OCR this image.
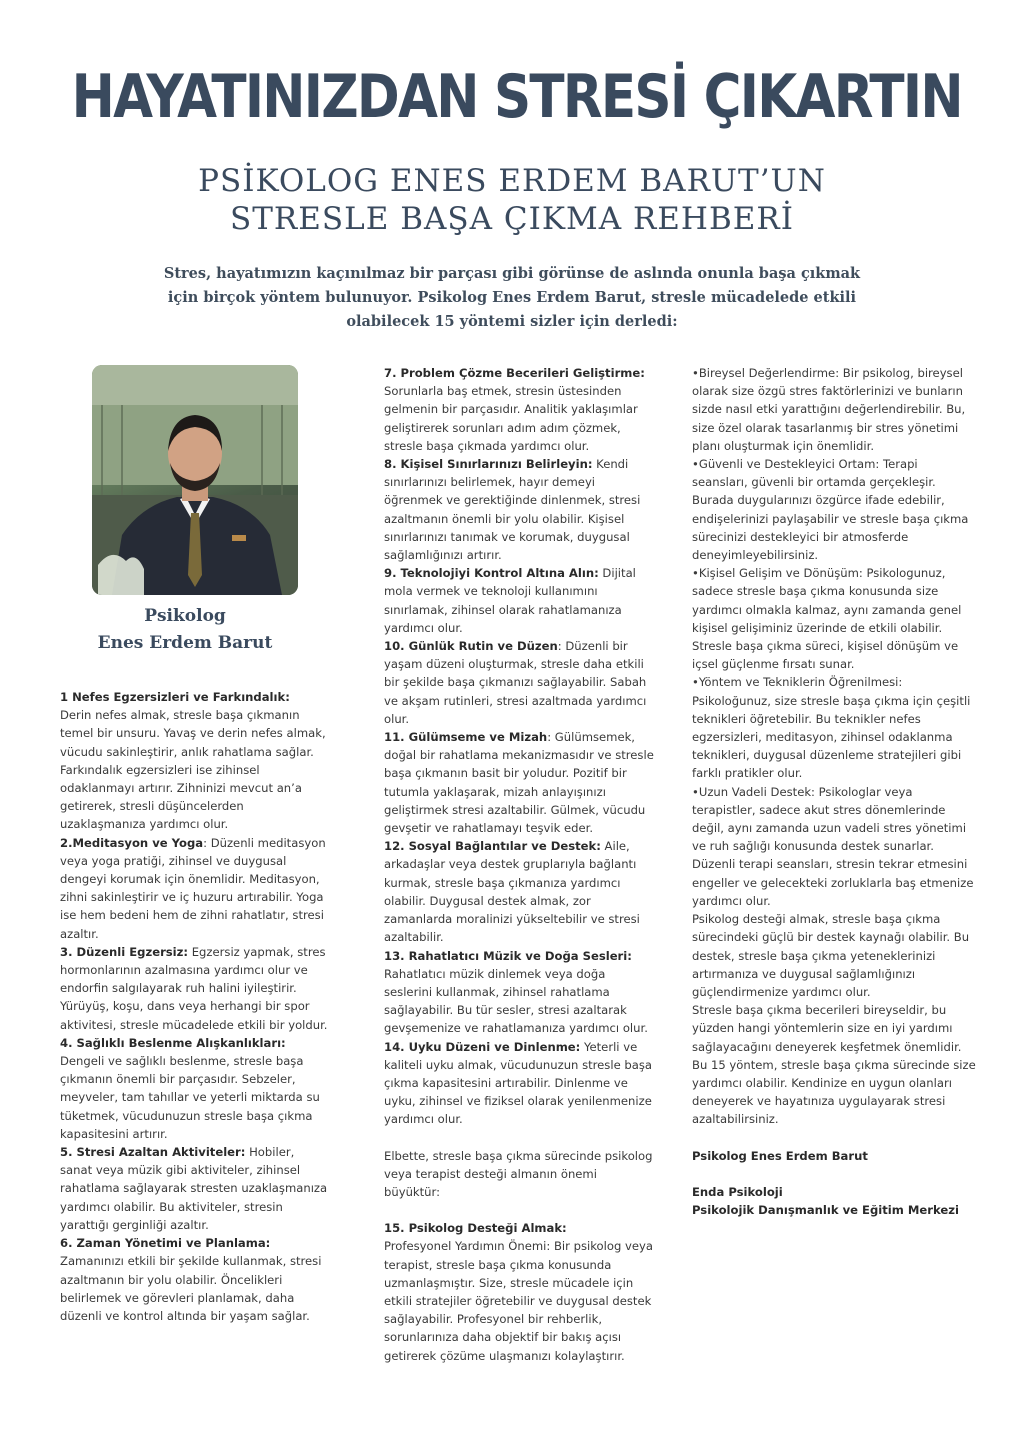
HAYATINIZDAN STRESİ ÇIKARTIN
PSİKOLOG ENES ERDEM BARUT’UN
STRESLE BAŞA ÇIKMA REHBERİ
Stres, hayatımızın kaçınılmaz bir parçası gibi görünse de aslında onunla başa çıkmak
için birçok yöntem bulunuyor. Psikolog Enes Erdem Barut, stresle mücadelede etkili
olabilecek 15 yöntemi sizler için derledi:
Psikolog
Enes Erdem Barut

1 Nefes Egzersizleri ve Farkındalık:
Derin nefes almak, stresle başa çıkmanın temel bir unsuru. Yavaş ve derin nefes almak, vücudu sakinleştirir, anlık rahatlama sağlar. Farkındalık egzersizleri ise zihinsel odaklanmayı artırır. Zihninizi mevcut an’a getirerek, stresli düşüncelerden uzaklaşmanıza yardımcı olur.

2.Meditasyon ve Yoga: Düzenli meditasyon veya yoga pratiği, zihinsel ve duygusal dengeyi korumak için önemlidir. Meditasyon, zihni sakinleştirir ve iç huzuru artırabilir. Yoga ise hem bedeni hem de zihni rahatlatır, stresi azaltır.

3. Düzenli Egzersiz: Egzersiz yapmak, stres hormonlarının azalmasına yardımcı olur ve endorfin salgılayarak ruh halini iyileştirir. Yürüyüş, koşu, dans veya herhangi bir spor aktivitesi, stresle mücadelede etkili bir yoldur.

4. Sağlıklı Beslenme Alışkanlıkları:
Dengeli ve sağlıklı beslenme, stresle başa çıkmanın önemli bir parçasıdır. Sebzeler, meyveler, tam tahıllar ve yeterli miktarda su tüketmek, vücudunuzun stresle başa çıkma kapasitesini artırır.

5. Stresi Azaltan Aktiviteler: Hobiler, sanat veya müzik gibi aktiviteler, zihinsel rahatlama sağlayarak stresten uzaklaşmanıza yardımcı olabilir. Bu aktiviteler, stresin yarattığı gerginliği azaltır.

6. Zaman Yönetimi ve Planlama:
Zamanınızı etkili bir şekilde kullanmak, stresi azaltmanın bir yolu olabilir. Öncelikleri belirlemek ve görevleri planlamak, daha düzenli ve kontrol altında bir yaşam sağlar.

7. Problem Çözme Becerileri Geliştirme:
Sorunlarla baş etmek, stresin üstesinden gelmenin bir parçasıdır. Analitik yaklaşımlar geliştirerek sorunları adım adım çözmek, stresle başa çıkmada yardımcı olur.

8. Kişisel Sınırlarınızı Belirleyin: Kendi sınırlarınızı belirlemek, hayır demeyi öğrenmek ve gerektiğinde dinlenmek, stresi azaltmanın önemli bir yolu olabilir. Kişisel sınırlarınızı tanımak ve korumak, duygusal sağlamlığınızı artırır.

9. Teknolojiyi Kontrol Altına Alın: Dijital mola vermek ve teknoloji kullanımını sınırlamak, zihinsel olarak rahatlamanıza yardımcı olur.

10. Günlük Rutin ve Düzen: Düzenli bir yaşam düzeni oluşturmak, stresle daha etkili bir şekilde başa çıkmanızı sağlayabilir. Sabah ve akşam rutinleri, stresi azaltmada yardımcı olur.

11. Gülümseme ve Mizah: Gülümsemek, doğal bir rahatlama mekanizmasıdır ve stresle başa çıkmanın basit bir yoludur. Pozitif bir tutumla yaklaşarak, mizah anlayışınızı geliştirmek stresi azaltabilir. Gülmek, vücudu gevşetir ve rahatlamayı teşvik eder.

12. Sosyal Bağlantılar ve Destek: Aile, arkadaşlar veya destek gruplarıyla bağlantı kurmak, stresle başa çıkmanıza yardımcı olabilir. Duygusal destek almak, zor zamanlarda moralinizi yükseltebilir ve stresi azaltabilir.

13. Rahatlatıcı Müzik ve Doğa Sesleri:
Rahatlatıcı müzik dinlemek veya doğa seslerini kullanmak, zihinsel rahatlama sağlayabilir. Bu tür sesler, stresi azaltarak gevşemenize ve rahatlamanıza yardımcı olur.

14. Uyku Düzeni ve Dinlenme: Yeterli ve kaliteli uyku almak, vücudunuzun stresle başa çıkma kapasitesini artırabilir. Dinlenme ve uyku, zihinsel ve fiziksel olarak yenilenmenize yardımcı olur.

Elbette, stresle başa çıkma sürecinde psikolog veya terapist desteği almanın önemi büyüktür:

15. Psikolog Desteği Almak:
Profesyonel Yardımın Önemi: Bir psikolog veya terapist, stresle başa çıkma konusunda uzmanlaşmıştır. Size, stresle mücadele için etkili stratejiler öğretebilir ve duygusal destek sağlayabilir. Profesyonel bir rehberlik, sorunlarınıza daha objektif bir bakış açısı getirerek çözüme ulaşmanızı kolaylaştırır.

•Bireysel Değerlendirme: Bir psikolog, bireysel olarak size özgü stres faktörlerinizi ve bunların sizde nasıl etki yarattığını değerlendirebilir. Bu, size özel olarak tasarlanmış bir stres yönetimi planı oluşturmak için önemlidir.

•Güvenli ve Destekleyici Ortam: Terapi seansları, güvenli bir ortamda gerçekleşir. Burada duygularınızı özgürce ifade edebilir, endişelerinizi paylaşabilir ve stresle başa çıkma sürecinizi destekleyici bir atmosferde deneyimleyebilirsiniz.

•Kişisel Gelişim ve Dönüşüm: Psikologunuz, sadece stresle başa çıkma konusunda size yardımcı olmakla kalmaz, aynı zamanda genel kişisel gelişiminiz üzerinde de etkili olabilir. Stresle başa çıkma süreci, kişisel dönüşüm ve içsel güçlenme fırsatı sunar.

•Yöntem ve Tekniklerin Öğrenilmesi: Psikoloğunuz, size stresle başa çıkma için çeşitli teknikleri öğretebilir. Bu teknikler nefes egzersizleri, meditasyon, zihinsel odaklanma teknikleri, duygusal düzenleme stratejileri gibi farklı pratikler olur.

•Uzun Vadeli Destek: Psikologlar veya terapistler, sadece akut stres dönemlerinde değil, aynı zamanda uzun vadeli stres yönetimi ve ruh sağlığı konusunda destek sunarlar. Düzenli terapi seansları, stresin tekrar etmesini engeller ve gelecekteki zorluklarla baş etmenize yardımcı olur.

Psikolog desteği almak, stresle başa çıkma sürecindeki güçlü bir destek kaynağı olabilir. Bu destek, stresle başa çıkma yeteneklerinizi artırmanıza ve duygusal sağlamlığınızı güçlendirmenize yardımcı olur.

Stresle başa çıkma becerileri bireyseldir, bu yüzden hangi yöntemlerin size en iyi yardımı sağlayacağını deneyerek keşfetmek önemlidir.

Bu 15 yöntem, stresle başa çıkma sürecinde size yardımcı olabilir. Kendinize en uygun olanları deneyerek ve hayatınıza uygulayarak stresi azaltabilirsiniz.

Psikolog Enes Erdem Barut

Enda Psikoloji

Psikolojik Danışmanlık ve Eğitim Merkezi
